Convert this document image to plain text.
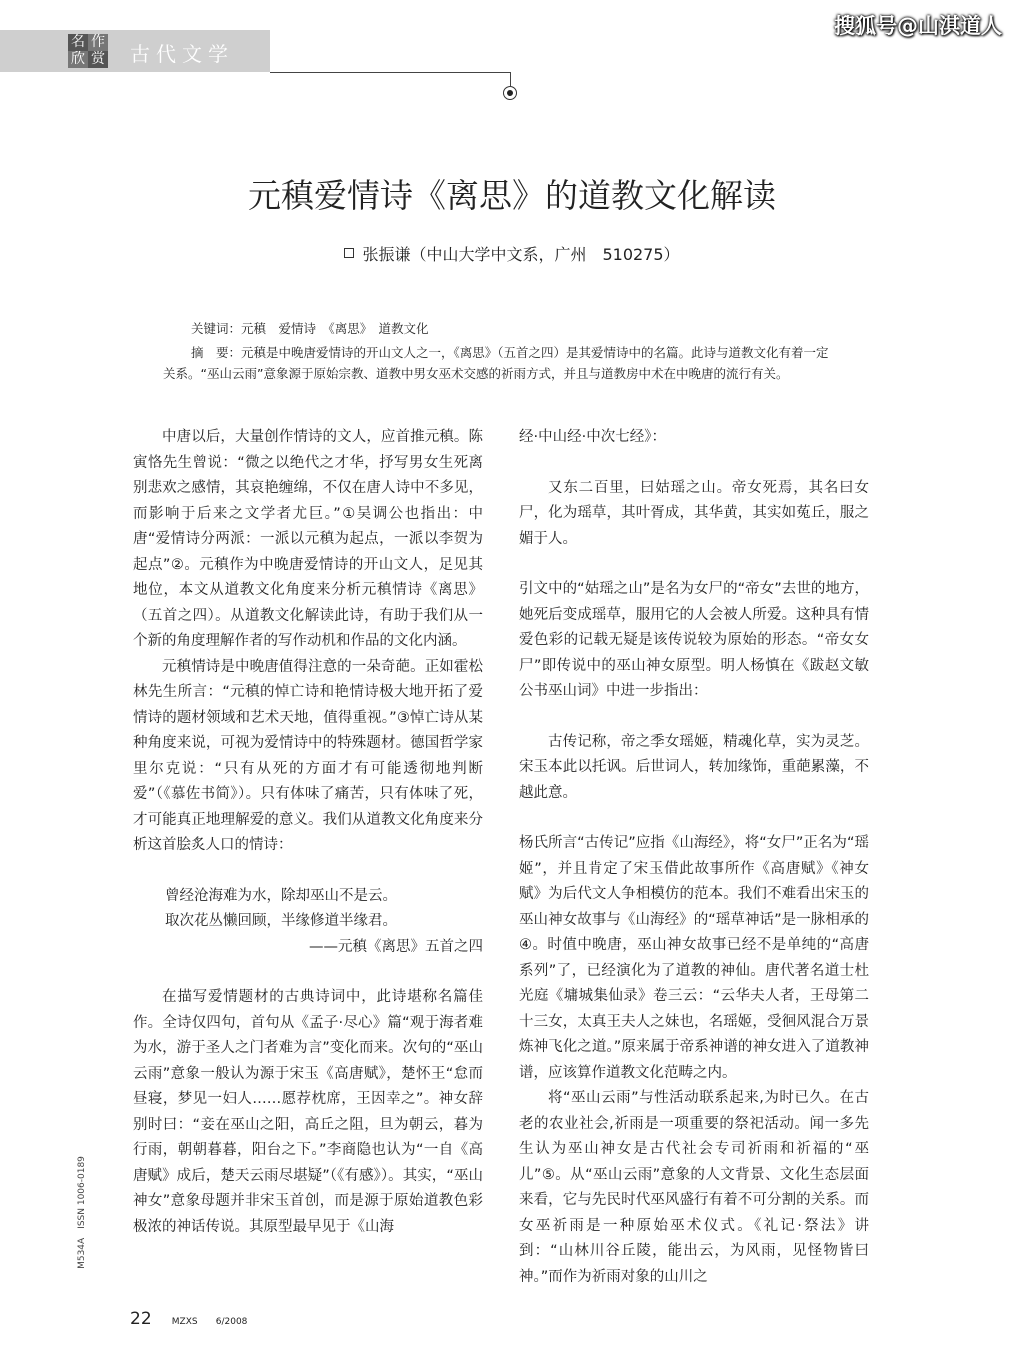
名 作
欣 赏 古代文学
搜狐号@山淇道人
元稹爱情诗《离思》的道教文化解读
张振谦（中山大学中文系，广州　510275）
关键词：元稹　爱情诗　《离思》　道教文化
摘　要：元稹是中晚唐爱情诗的开山文人之一，《离思》（五首之四）是其爱情诗中的名篇。此诗与道教文化有着一定关系。“巫山云雨”意象源于原始宗教、道教中男女巫术交感的祈雨方式，并且与道教房中术在中晚唐的流行有关。

中唐以后，大量创作情诗的文人，应首推元稹。陈寅恪先生曾说：“微之以绝代之才华，抒写男女生死离别悲欢之感情，其哀艳缠绵，不仅在唐人诗中不多见，而影响于后来之文学者尤巨。”①吴调公也指出：中唐“爱情诗分两派：一派以元稹为起点，一派以李贺为起点”②。元稹作为中晚唐爱情诗的开山文人，足见其地位，本文从道教文化角度来分析元稹情诗《离思》（五首之四）。从道教文化解读此诗，有助于我们从一个新的角度理解作者的写作动机和作品的文化内涵。

元稹情诗是中晚唐值得注意的一朵奇葩。正如霍松林先生所言：“元稹的悼亡诗和艳情诗极大地开拓了爱情诗的题材领域和艺术天地，值得重视。”③悼亡诗从某种角度来说，可视为爱情诗中的特殊题材。德国哲学家里尔克说：“只有从死的方面才有可能透彻地判断爱”（《慕佐书简》）。只有体味了痛苦，只有体味了死，才可能真正地理解爱的意义。我们从道教文化角度来分析这首脍炙人口的情诗：

曾经沧海难为水，除却巫山不是云。

取次花丛懒回顾，半缘修道半缘君。

——元稹《离思》五首之四

在描写爱情题材的古典诗词中，此诗堪称名篇佳作。全诗仅四句，首句从《孟子·尽心》篇“观于海者难为水，游于圣人之门者难为言”变化而来。次句的“巫山云雨”意象一般认为源于宋玉《高唐赋》，楚怀王“怠而昼寝，梦见一妇人……愿荐枕席，王因幸之”。神女辞别时曰：“妾在巫山之阳，高丘之阻，旦为朝云，暮为行雨，朝朝暮暮，阳台之下。”李商隐也认为“一自《高唐赋》成后，楚天云雨尽堪疑”（《有感》）。其实，“巫山神女”意象母题并非宋玉首创，而是源于原始道教色彩极浓的神话传说。其原型最早见于《山海

经·中山经·中次七经》：

又东二百里，曰姑瑶之山。帝女死焉，其名曰女尸，化为瑶草，其叶胥成，其华黄，其实如菟丘，服之媚于人。

引文中的“姑瑶之山”是名为女尸的“帝女”去世的地方，她死后变成瑶草，服用它的人会被人所爱。这种具有情爱色彩的记载无疑是该传说较为原始的形态。“帝女女尸”即传说中的巫山神女原型。明人杨慎在《跋赵文敏公书巫山词》中进一步指出：

古传记称，帝之季女瑶姬，精魂化草，实为灵芝。宋玉本此以托讽。后世词人，转加缘饰，重葩累藻，不越此意。

杨氏所言“古传记”应指《山海经》，将“女尸”正名为“瑶姬”，并且肯定了宋玉借此故事所作《高唐赋》《神女赋》为后代文人争相模仿的范本。我们不难看出宋玉的巫山神女故事与《山海经》的“瑶草神话”是一脉相承的④。时值中晚唐，巫山神女故事已经不是单纯的“高唐系列”了，已经演化为了道教的神仙。唐代著名道士杜光庭《墉城集仙录》卷三云：“云华夫人者，王母第二十三女，太真王夫人之妹也，名瑶姬，受徊风混合万景炼神飞化之道。”原来属于帝系神谱的神女进入了道教神谱，应该算作道教文化范畴之内。

将“巫山云雨”与性活动联系起来,为时已久。在古老的农业社会,祈雨是一项重要的祭祀活动。闻一多先生认为巫山神女是古代社会专司祈雨和祈福的“巫儿”⑤。从“巫山云雨”意象的人文背景、文化生态层面来看，它与先民时代巫风盛行有着不可分割的关系。而女巫祈雨是一种原始巫术仪式。《礼记·祭法》讲到：“山林川谷丘陵，能出云，为风雨，见怪物皆曰神。”而作为祈雨对象的山川之

M534A　ISSN 1006-0189
22 MZXS 6/2008
